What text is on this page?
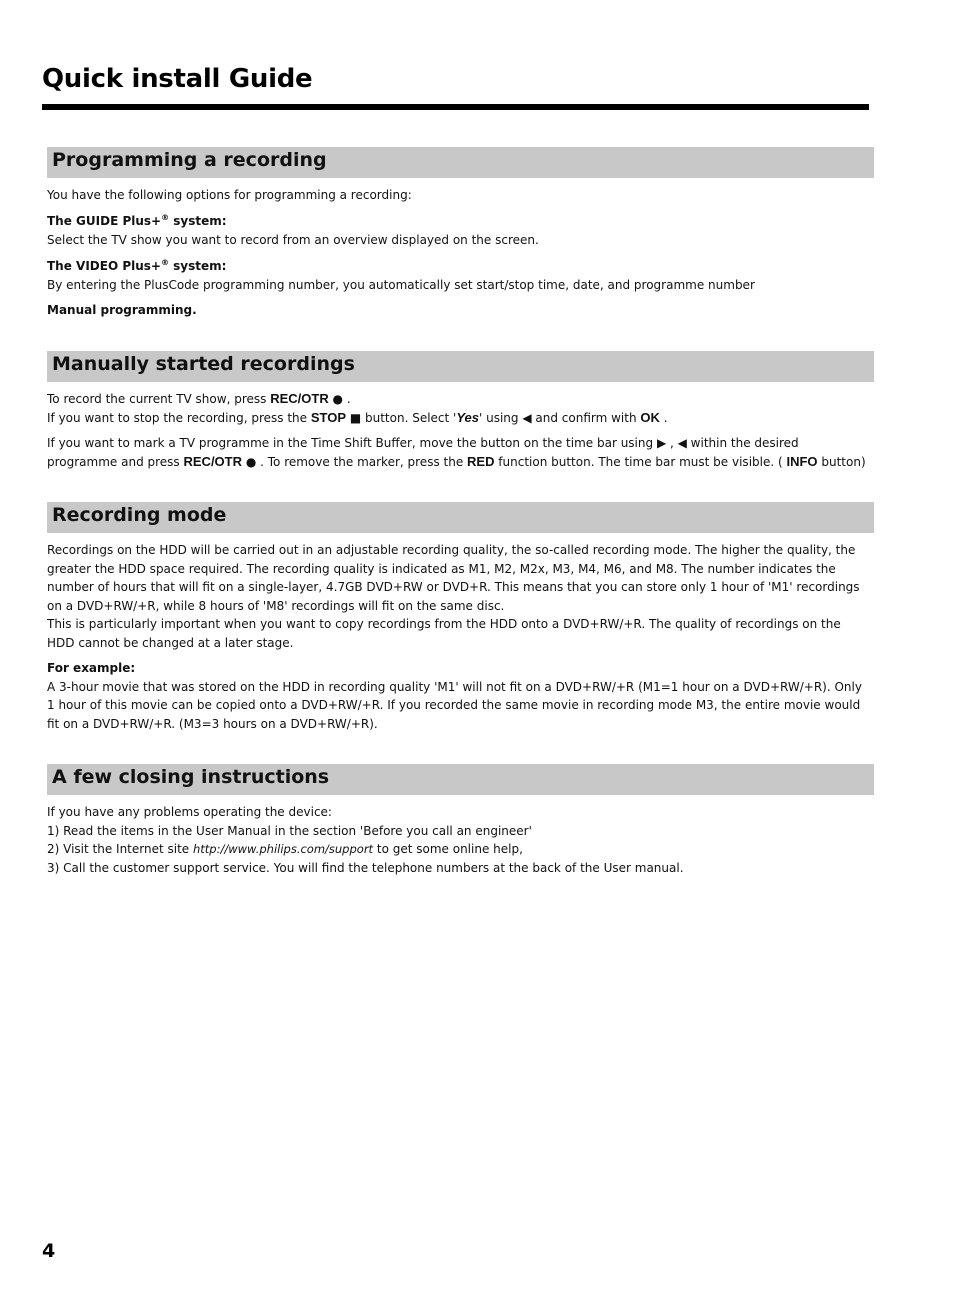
Quick install Guide
Programming a recording
You have the following options for programming a recording:
The GUIDE Plus+® system:
Select the TV show you want to record from an overview displayed on the screen.
The VIDEO Plus+® system:
By entering the PlusCode programming number, you automatically set start/stop time, date, and programme number
Manual programming.
Manually started recordings
To record the current TV show, press REC/OTR ● .
If you want to stop the recording, press the STOP ■ button. Select 'Yes' using ◀ and confirm with OK .
If you want to mark a TV programme in the Time Shift Buffer, move the button on the time bar using ▶ , ◀ within the desired programme and press REC/OTR ● . To remove the marker, press the RED function button. The time bar must be visible. ( INFO button)
Recording mode
Recordings on the HDD will be carried out in an adjustable recording quality, the so-called recording mode. The higher the quality, the greater the HDD space required. The recording quality is indicated as M1, M2, M2x, M3, M4, M6, and M8. The number indicates the number of hours that will fit on a single-layer, 4.7GB DVD+RW or DVD+R. This means that you can store only 1 hour of 'M1' recordings on a DVD+RW/+R, while 8 hours of 'M8' recordings will fit on the same disc.
This is particularly important when you want to copy recordings from the HDD onto a DVD+RW/+R. The quality of recordings on the HDD cannot be changed at a later stage.
For example:
A 3-hour movie that was stored on the HDD in recording quality 'M1' will not fit on a DVD+RW/+R (M1=1 hour on a DVD+RW/+R). Only 1 hour of this movie can be copied onto a DVD+RW/+R. If you recorded the same movie in recording mode M3, the entire movie would fit on a DVD+RW/+R. (M3=3 hours on a DVD+RW/+R).
A few closing instructions
If you have any problems operating the device:
1) Read the items in the User Manual in the section 'Before you call an engineer'
2) Visit the Internet site http://www.philips.com/support to get some online help,
3) Call the customer support service. You will find the telephone numbers at the back of the User manual.
4
